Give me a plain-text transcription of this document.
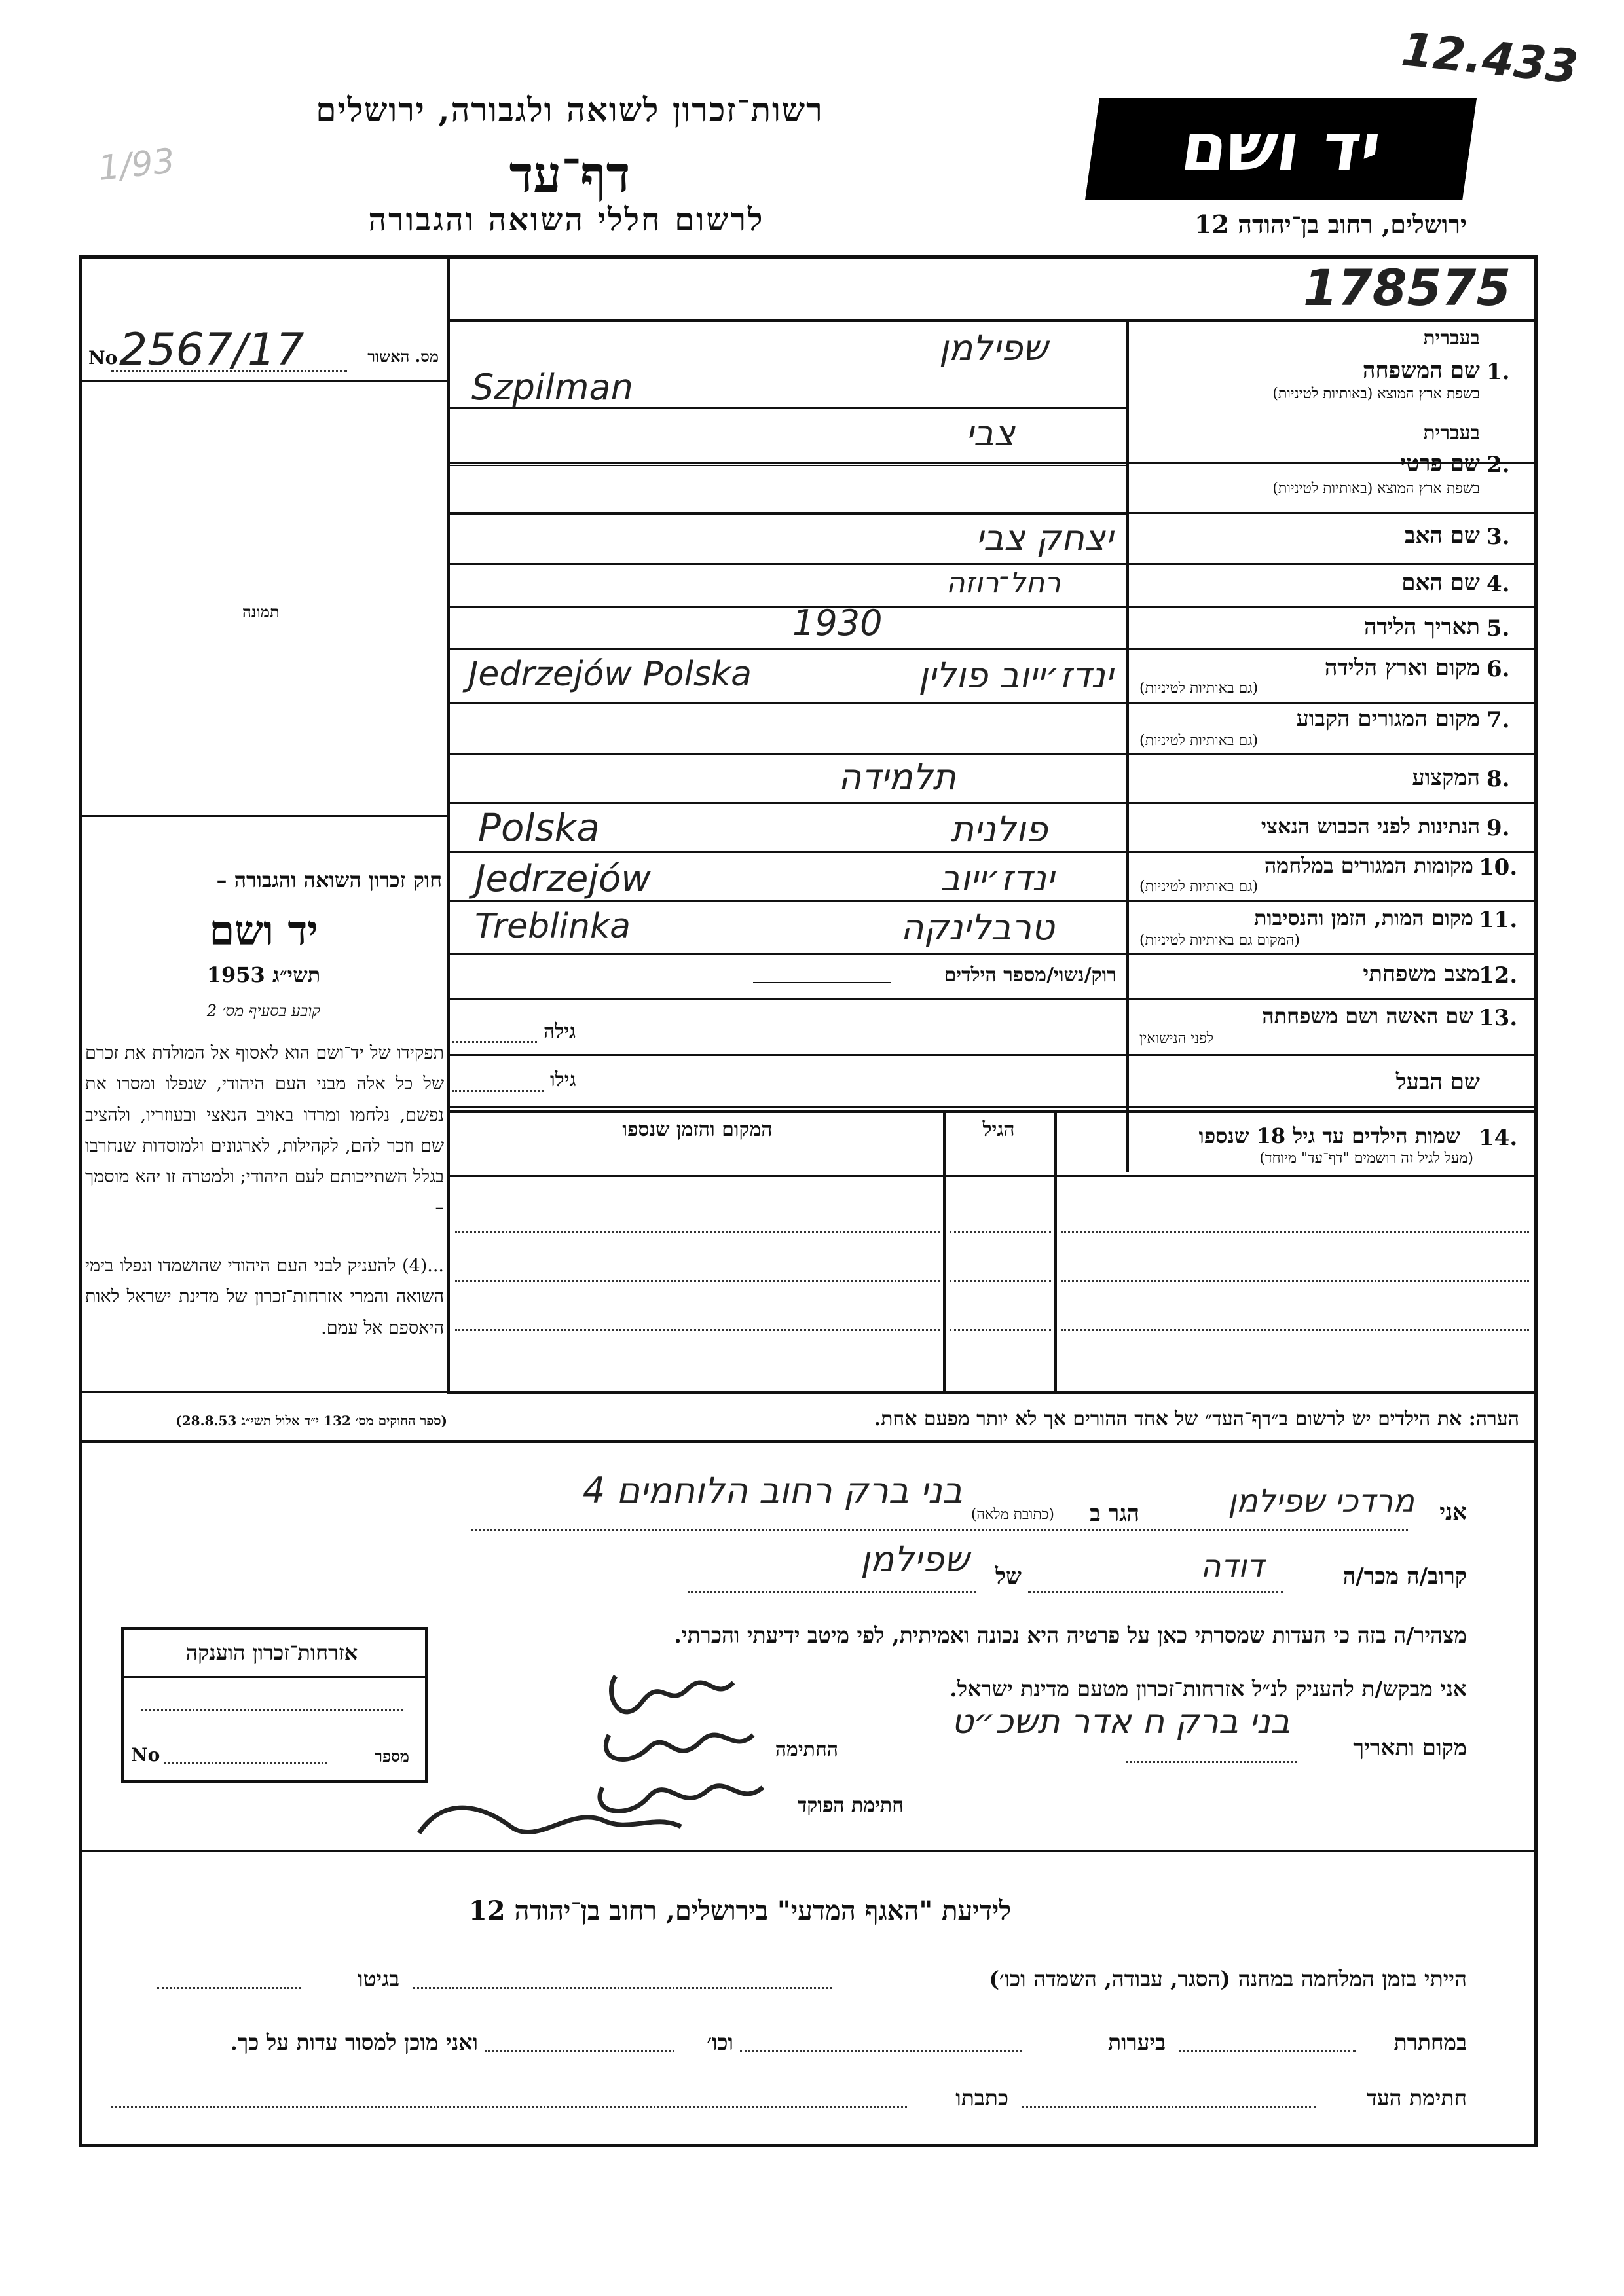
12.433
רשות־זכרון לשואה ולגבורה, ירושלים
דף־עד
1/93
לרשום חללי השואה והגבורה
יד ושם
ירושלים, רחוב בן־יהודה 12
178575
מס. האשור
2567/17
No
תמונה
חוק זכרון השואה והגבורה –
יד ושם
תשי״ג 1953
קובע בסעיף מס׳ 2
תפקידו של יד־ושם הוא לאסוף אל המולדת את זכרם של כל אלה מבני העם היהודי, שנפלו ומסרו את נפשם, נלחמו ומרדו באויב הנאצי ובעוזריו, ולהציב שם וזכר להם, לקהילות, לארגונים ולמוסדות שנחרבו בגלל השתייכותם לעם היהודי; ולמטרה זו יהא מוסמך –
...(4) להעניק לבני העם היהודי שהושמדו ונפלו בימי השואה והמרי אזרחות־זכרון של מדינת ישראל לאות היאספם אל עמם.
(ספר החוקים מס׳ 132 י״ד אלול תשי״ג 28.8.53)
בעברית
שם המשפחה 1.
בשפת ארץ המוצא (באותיות לטיניות)
שפילמן
Szpilman
בעברית
שם פרטי 2.
בשפת ארץ המוצא (באותיות לטיניות)
צבי
שם האב 3.
יצחק צבי
שם האם 4.
רחל־רוזה
תאריך הלידה 5.
1930
מקום וארץ הלידה 6.
(גם באותיות לטיניות)
ינדז׳ייוב פולין
Jedrzejów Polska
מקום המגורים הקבוע 7.
(גם באותיות לטיניות)
המקצוע 8.
תלמידה
הנתינות לפני הכבוש הנאצי 9.
פולנית
Polska
מקומות המגורים במלחמה 10.
(גם באותיות לטיניות)
ינדז׳ייוב
Jedrzejów
מקום המות, הזמן והנסיבות 11.
(המקום גם באותיות לטיניות)
טרבלינקה
Treblinka
מצב משפחתי
12.
רוק/נשוי/מספר הילדים
שם האשה ושם משפחתה 13.
לפני הנישואין
גילה
שם הבעל
גילו
שמות הילדים עד גיל 18 שנספו 14.
(מעל לגיל זה רושמים "דף־עד" מיוחד)
הגיל
המקום והזמן שנספו
הערה: את הילדים יש לרשום ב״דף־העד״ של אחד ההורים אך לא יותר מפעם אחת.
אני
מרדכי שפילמן
הגר ב
(כתובת מלאה)
בני ברק רחוב הלוחמים 4
קרוב/ה מכר/ה
דודה
של
שפילמן
מצהיר/ה בזה כי העדות שמסרתי כאן על פרטיה היא נכונה ואמיתית, לפי מיטב ידיעתי והכרתי.
אני מבקש/ת להעניק לנ״ל אזרחות־זכרון מטעם מדינת ישראל.
מקום ותאריך
בני ברק ח אדר תשכ״ט
החתימה
חתימת הפוקד
אזרחות־זכרון הוענקה
מספר
No
לידיעת "האגף המדעי" בירושלים, רחוב בן־יהודה 12
הייתי בזמן המלחמה במחנה (הסגר, עבודה, השמדה וכו׳)
בגיטו
במחתרת
ביערות
וכו׳
ואני מוכן למסור עדות על כך.
חתימת העד
כתבתו
